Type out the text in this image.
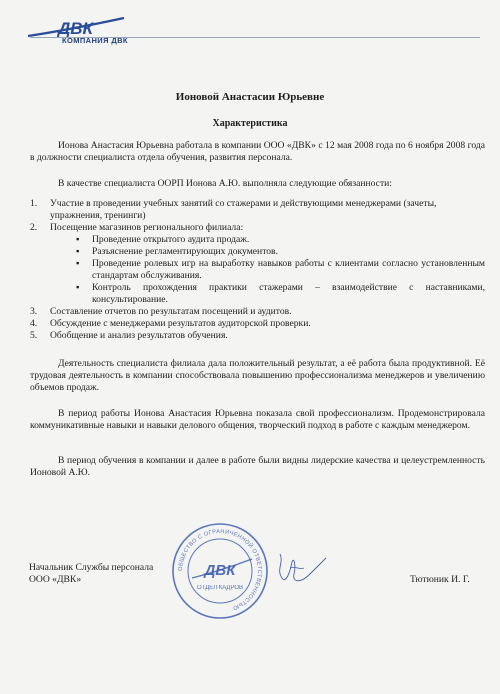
ДВК
КОМПАНИЯ ДВК
Ионовой Анастасии Юрьевне
Характеристика
Ионова Анастасия Юрьевна работала в компании ООО «ДВК» с 12 мая 2008 года по 6 ноября 2008 года в должности специалиста отдела обучения, развития персонала.
В качестве специалиста ООРП Ионова А.Ю. выполняла следующие обязанности:
1. Участие в проведении учебных занятий со стажерами и действующими менеджерами (зачеты, упражнения, тренинги)
2. Посещение магазинов регионального филиала:
▪ Проведение открытого аудита продаж.
▪ Разъяснение регламентирующих документов.
▪ Проведение ролевых игр на выработку навыков работы с клиентами согласно установленным стандартам обслуживания.
▪ Контроль прохождения практики стажерами – взаимодействие с наставниками, консультирование.
3. Составление отчетов по результатам посещений и аудитов.
4. Обсуждение с менеджерами результатов аудиторской проверки.
5. Обобщение и анализ результатов обучения.
Деятельность специалиста филиала дала положительный результат, а её работа была продуктивной. Её трудовая деятельность в компании способствовала повышению профессионализма менеджеров и увеличению объемов продаж.
В период работы Ионова Анастасия Юрьевна показала свой профессионализм. Продемонстрировала коммуникативные навыки и навыки делового общения, творческий подход в работе с каждым менеджером.
В период обучения в компании и далее в работе были видны лидерские качества и целеустремленность Ионовой А.Ю.
Начальник Службы персонала
ООО «ДВК»
ОБЩЕСТВО С ОГРАНИЧЕННОЙ ОТВЕТСТВЕННОСТЬЮ
ДВК
ОТДЕЛ КАДРОВ
Тютюник И. Г.
